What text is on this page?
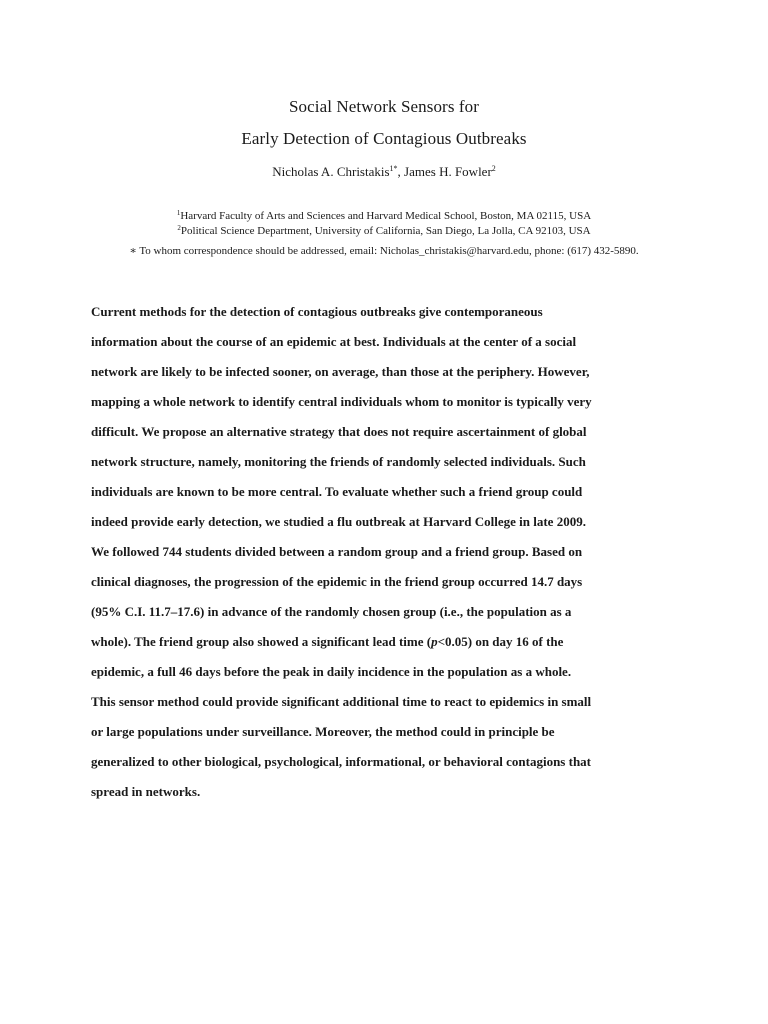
Social Network Sensors for
Early Detection of Contagious Outbreaks
Nicholas A. Christakis$^{1*}$, James H. Fowler$^2$
$^1$Harvard Faculty of Arts and Sciences and Harvard Medical School, Boston, MA 02115, USA
$^2$Political Science Department, University of California, San Diego, La Jolla, CA 92103, USA
∗ To whom correspondence should be addressed, email: Nicholas_christakis@harvard.edu, phone: (617) 432-5890.
Current methods for the detection of contagious outbreaks give contemporaneous
information about the course of an epidemic at best. Individuals at the center of a social
network are likely to be infected sooner, on average, than those at the periphery. However,
mapping a whole network to identify central individuals whom to monitor is typically very
difficult. We propose an alternative strategy that does not require ascertainment of global
network structure, namely, monitoring the friends of randomly selected individuals. Such
individuals are known to be more central. To evaluate whether such a friend group could
indeed provide early detection, we studied a flu outbreak at Harvard College in late 2009.
We followed 744 students divided between a random group and a friend group. Based on
clinical diagnoses, the progression of the epidemic in the friend group occurred 14.7 days
(95% C.I. 11.7–17.6) in advance of the randomly chosen group (i.e., the population as a
whole). The friend group also showed a significant lead time (p<0.05) on day 16 of the
epidemic, a full 46 days before the peak in daily incidence in the population as a whole.
This sensor method could provide significant additional time to react to epidemics in small
or large populations under surveillance. Moreover, the method could in principle be
generalized to other biological, psychological, informational, or behavioral contagions that
spread in networks.
